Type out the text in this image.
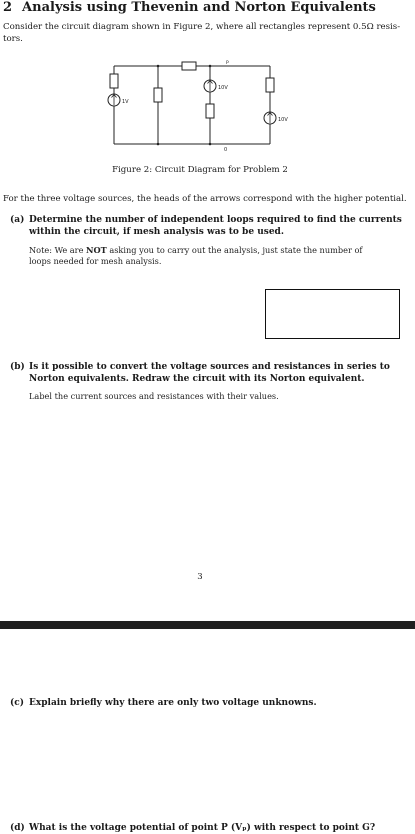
2 Analysis using Thevenin and Norton Equivalents
Consider the circuit diagram shown in Figure 2, where all rectangles represent 0.5Ω resis-
tors.
1V
10V
10V
P
0
Figure 2: Circuit Diagram for Problem 2
For the three voltage sources, the heads of the arrows correspond with the higher potential.
(a) Determine the number of independent loops required to find the currents
within the circuit, if mesh analysis was to be used.
Note: We are NOT asking you to carry out the analysis, just state the number of
loops needed for mesh analysis.
(b) Is it possible to convert the voltage sources and resistances in series to
Norton equivalents. Redraw the circuit with its Norton equivalent.
Label the current sources and resistances with their values.
3
(c) Explain briefly why there are only two voltage unknowns.
(d) What is the voltage potential of point P (Vₚ) with respect to point G?
